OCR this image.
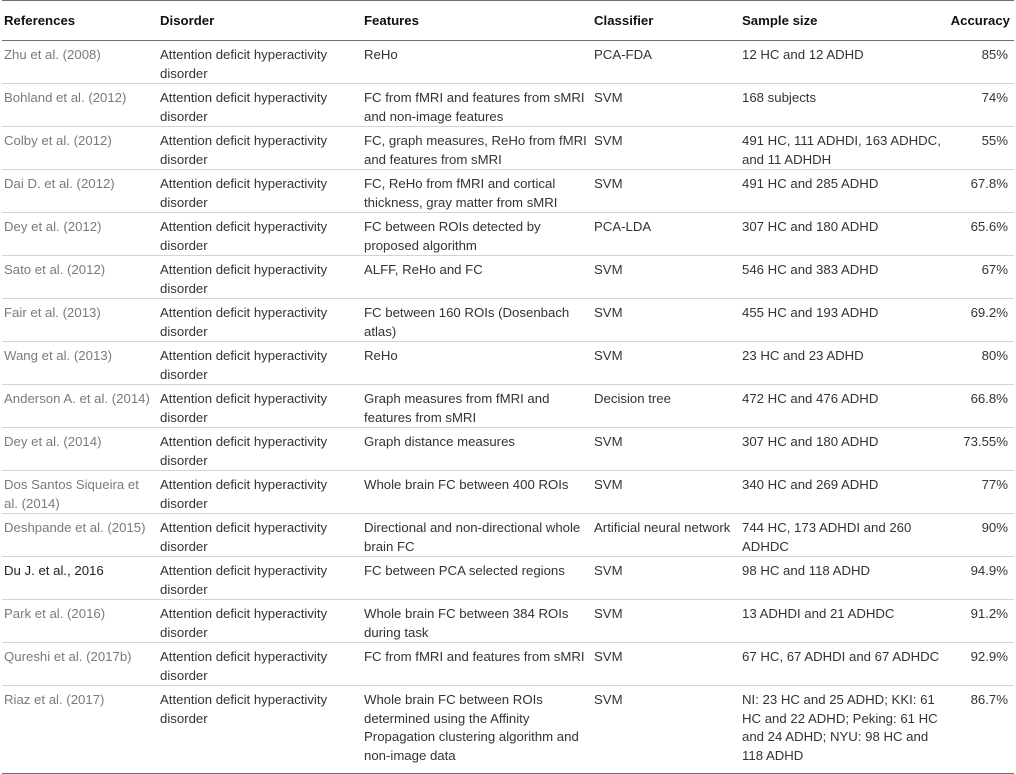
References	Disorder	Features	Classifier	Sample size	Accuracy
Zhu et al. (2008)	Attention deficit hyperactivity disorder	ReHo	PCA-FDA	12 HC and 12 ADHD	85%
Bohland et al. (2012)	Attention deficit hyperactivity disorder	FC from fMRI and features from sMRI and non-image features	SVM	168 subjects	74%
Colby et al. (2012)	Attention deficit hyperactivity disorder	FC, graph measures, ReHo from fMRI and features from sMRI	SVM	491 HC, 111 ADHDI, 163 ADHDC, and 11 ADHDH	55%
Dai D. et al. (2012)	Attention deficit hyperactivity disorder	FC, ReHo from fMRI and cortical thickness, gray matter from sMRI	SVM	491 HC and 285 ADHD	67.8%
Dey et al. (2012)	Attention deficit hyperactivity disorder	FC between ROIs detected by proposed algorithm	PCA-LDA	307 HC and 180 ADHD	65.6%
Sato et al. (2012)	Attention deficit hyperactivity disorder	ALFF, ReHo and FC	SVM	546 HC and 383 ADHD	67%
Fair et al. (2013)	Attention deficit hyperactivity disorder	FC between 160 ROIs (Dosenbach atlas)	SVM	455 HC and 193 ADHD	69.2%
Wang et al. (2013)	Attention deficit hyperactivity disorder	ReHo	SVM	23 HC and 23 ADHD	80%
Anderson A. et al. (2014)	Attention deficit hyperactivity disorder	Graph measures from fMRI and features from sMRI	Decision tree	472 HC and 476 ADHD	66.8%
Dey et al. (2014)	Attention deficit hyperactivity disorder	Graph distance measures	SVM	307 HC and 180 ADHD	73.55%
Dos Santos Siqueira et al. (2014)	Attention deficit hyperactivity disorder	Whole brain FC between 400 ROIs	SVM	340 HC and 269 ADHD	77%
Deshpande et al. (2015)	Attention deficit hyperactivity disorder	Directional and non-directional whole brain FC	Artificial neural network	744 HC, 173 ADHDI and 260 ADHDC	90%
Du J. et al., 2016	Attention deficit hyperactivity disorder	FC between PCA selected regions	SVM	98 HC and 118 ADHD	94.9%
Park et al. (2016)	Attention deficit hyperactivity disorder	Whole brain FC between 384 ROIs during task	SVM	13 ADHDI and 21 ADHDC	91.2%
Qureshi et al. (2017b)	Attention deficit hyperactivity disorder	FC from fMRI and features from sMRI	SVM	67 HC, 67 ADHDI and 67 ADHDC	92.9%
Riaz et al. (2017)	Attention deficit hyperactivity disorder	Whole brain FC between ROIs determined using the Affinity Propagation clustering algorithm and non-image data	SVM	NI: 23 HC and 25 ADHD; KKI: 61 HC and 22 ADHD; Peking: 61 HC and 24 ADHD; NYU: 98 HC and 118 ADHD	86.7%
